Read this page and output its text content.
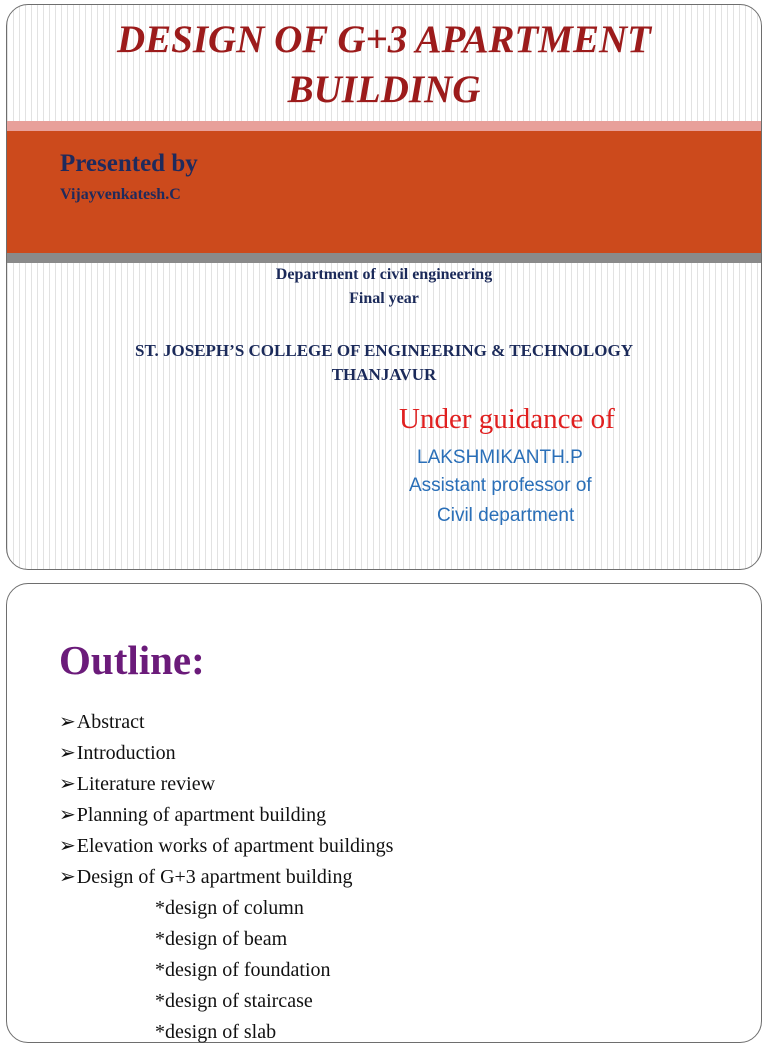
DESIGN OF G+3 APARTMENT
BUILDING
Presented by
Vijayvenkatesh.C
Department of civil engineering
Final year
ST. JOSEPH’S COLLEGE OF ENGINEERING & TECHNOLOGY
THANJAVUR
Under guidance of
LAKSHMIKANTH.P
Assistant professor of
Civil department
Outline:
➢Abstract
➢Introduction
➢Literature review
➢Planning of apartment building
➢Elevation works of apartment buildings
➢Design of G+3 apartment building
*design of column
*design of beam
*design of foundation
*design of staircase
*design of slab
